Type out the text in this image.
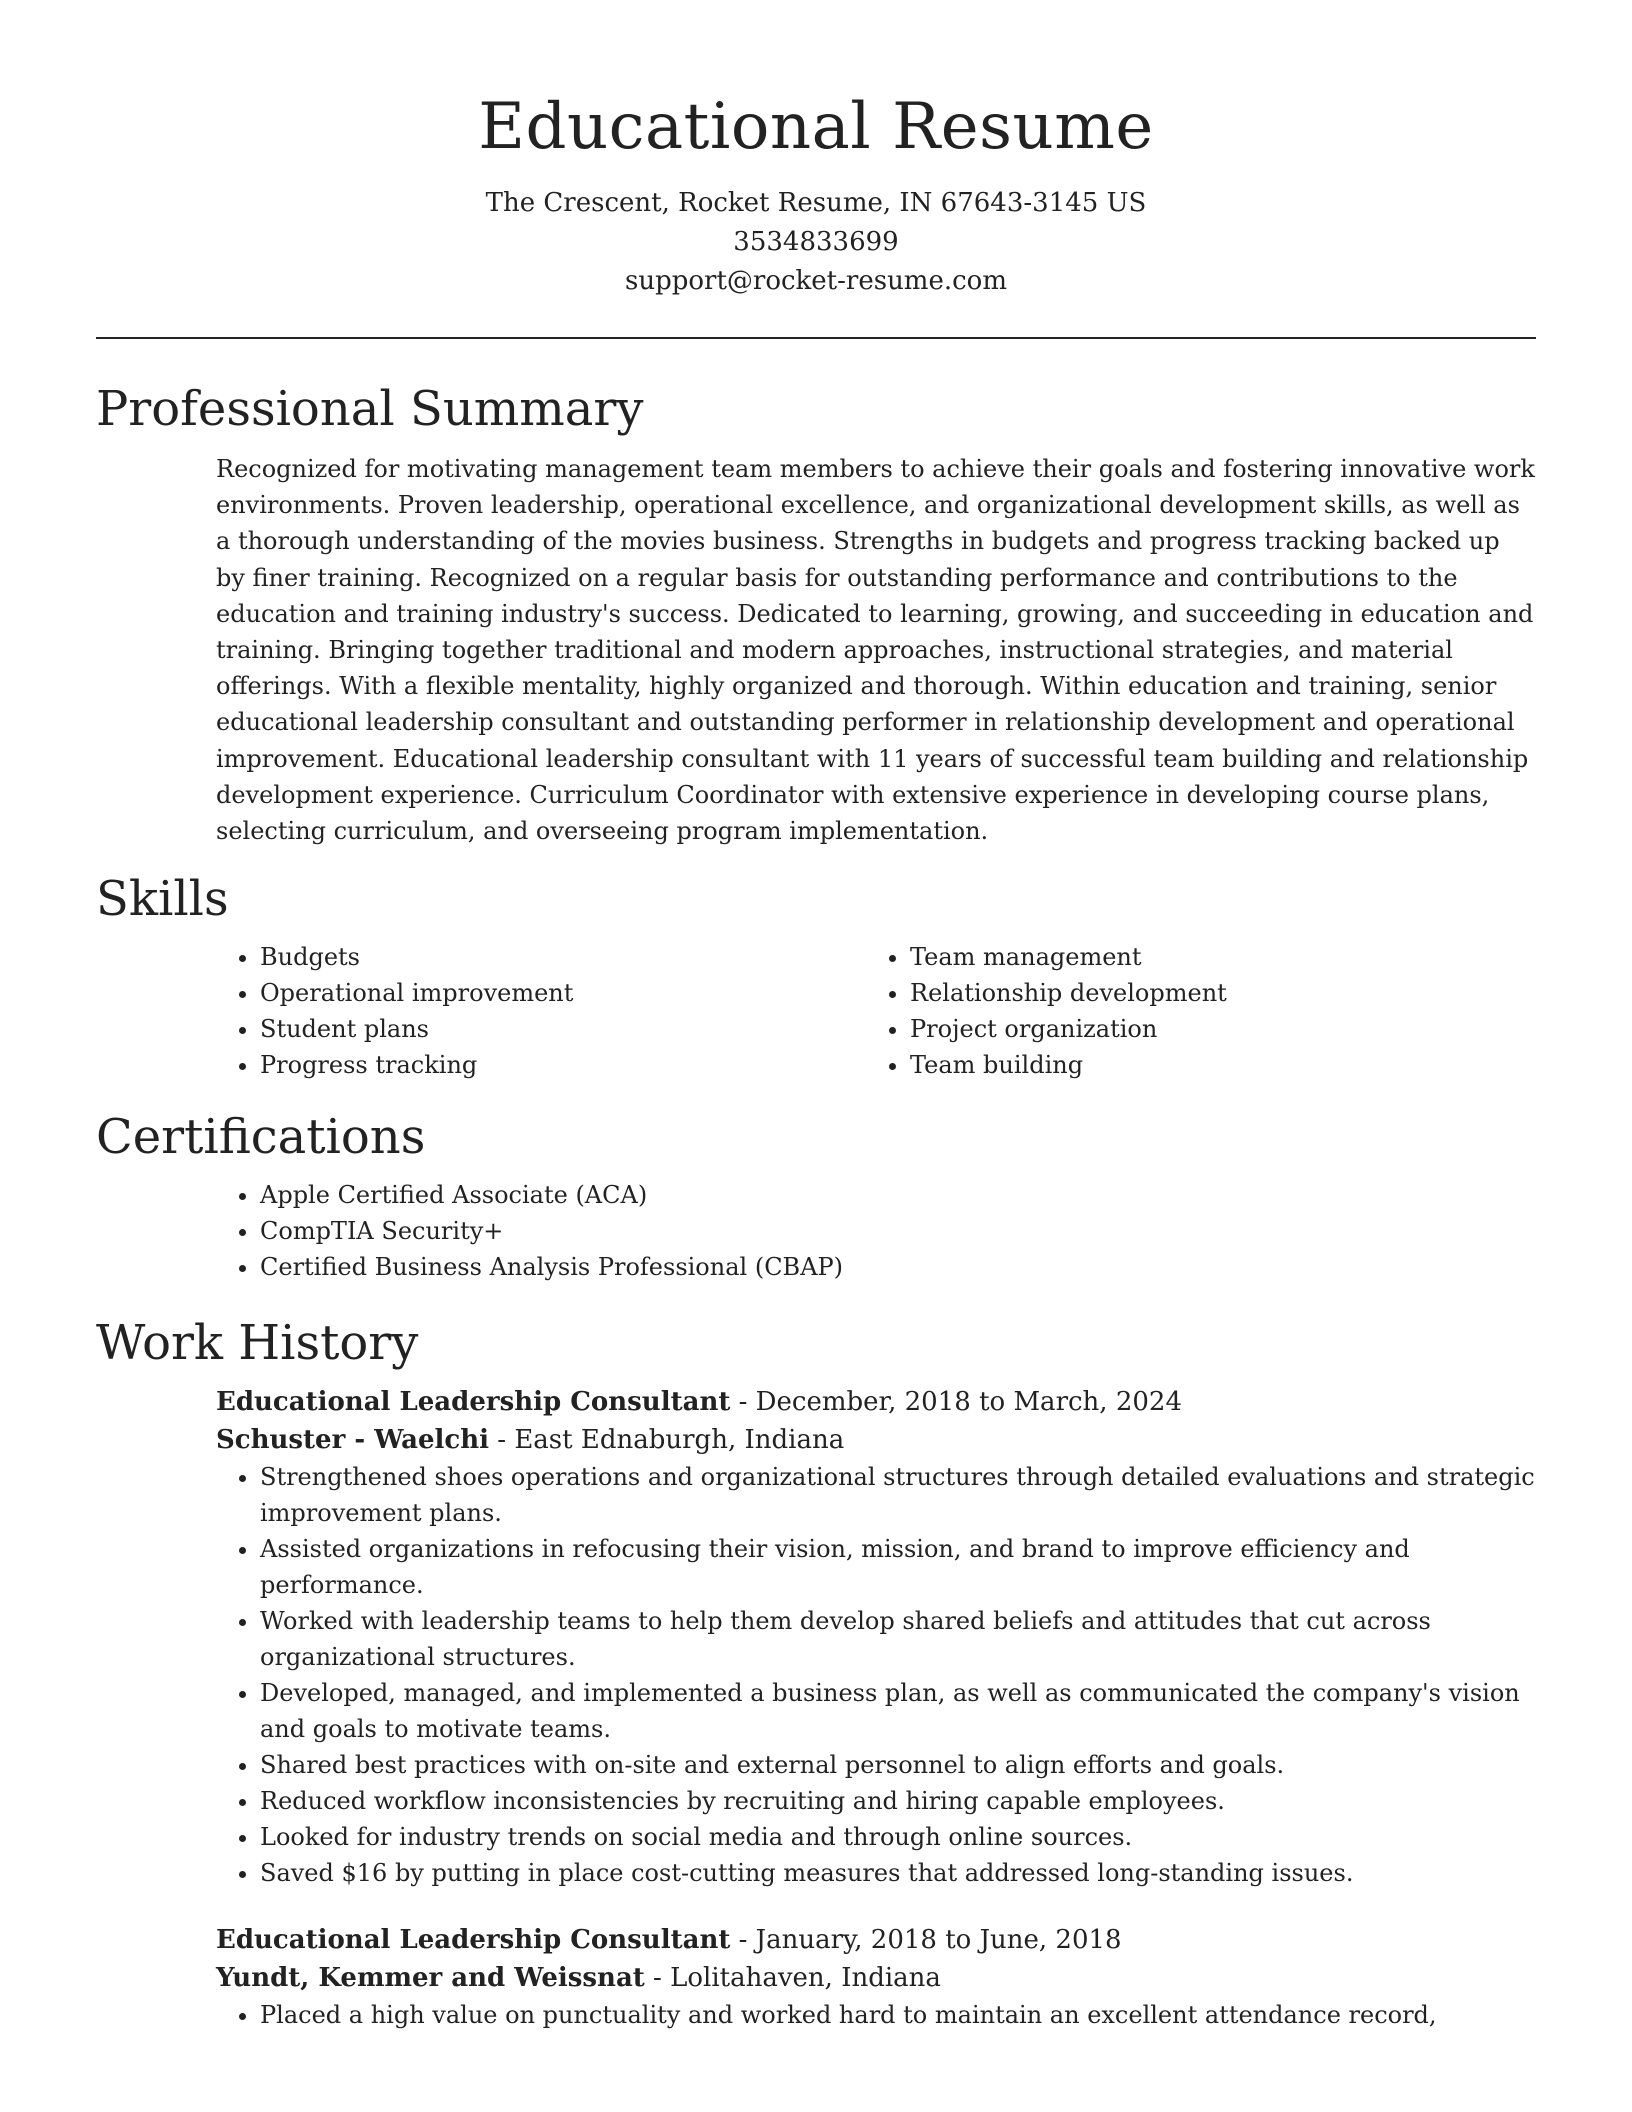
Educational Resume

The Crescent, Rocket Resume, IN 67643-3145 US

3534833699

support@rocket-resume.com

Professional Summary

Recognized for motivating management team members to achieve their goals and fostering innovative work environments. Proven leadership, operational excellence, and organizational development skills, as well as a thorough understanding of the movies business. Strengths in budgets and progress tracking backed up by finer training. Recognized on a regular basis for outstanding performance and contributions to the education and training industry's success. Dedicated to learning, growing, and succeeding in education and training. Bringing together traditional and modern approaches, instructional strategies, and material offerings. With a flexible mentality, highly organized and thorough. Within education and training, senior educational leadership consultant and outstanding performer in relationship development and operational improvement. Educational leadership consultant with 11 years of successful team building and relationship development experience. Curriculum Coordinator with extensive experience in developing course plans, selecting curriculum, and overseeing program implementation.

Skills
• Budgets
• Operational improvement
• Student plans
• Progress tracking
• Team management
• Relationship development
• Project organization
• Team building
Certifications
• Apple Certified Associate (ACA)
• CompTIA Security+
• Certified Business Analysis Professional (CBAP)
Work History
Educational Leadership Consultant - December, 2018 to March, 2024
Schuster - Waelchi - East Ednaburgh, Indiana
• Strengthened shoes operations and organizational structures through detailed evaluations and strategic improvement plans.
• Assisted organizations in refocusing their vision, mission, and brand to improve efficiency and performance.
• Worked with leadership teams to help them develop shared beliefs and attitudes that cut across organizational structures.
• Developed, managed, and implemented a business plan, as well as communicated the company's vision and goals to motivate teams.
• Shared best practices with on-site and external personnel to align efforts and goals.
• Reduced workflow inconsistencies by recruiting and hiring capable employees.
• Looked for industry trends on social media and through online sources.
• Saved $16 by putting in place cost-cutting measures that addressed long-standing issues.
Educational Leadership Consultant - January, 2018 to June, 2018
Yundt, Kemmer and Weissnat - Lolitahaven, Indiana
• Placed a high value on punctuality and worked hard to maintain an excellent attendance record,
